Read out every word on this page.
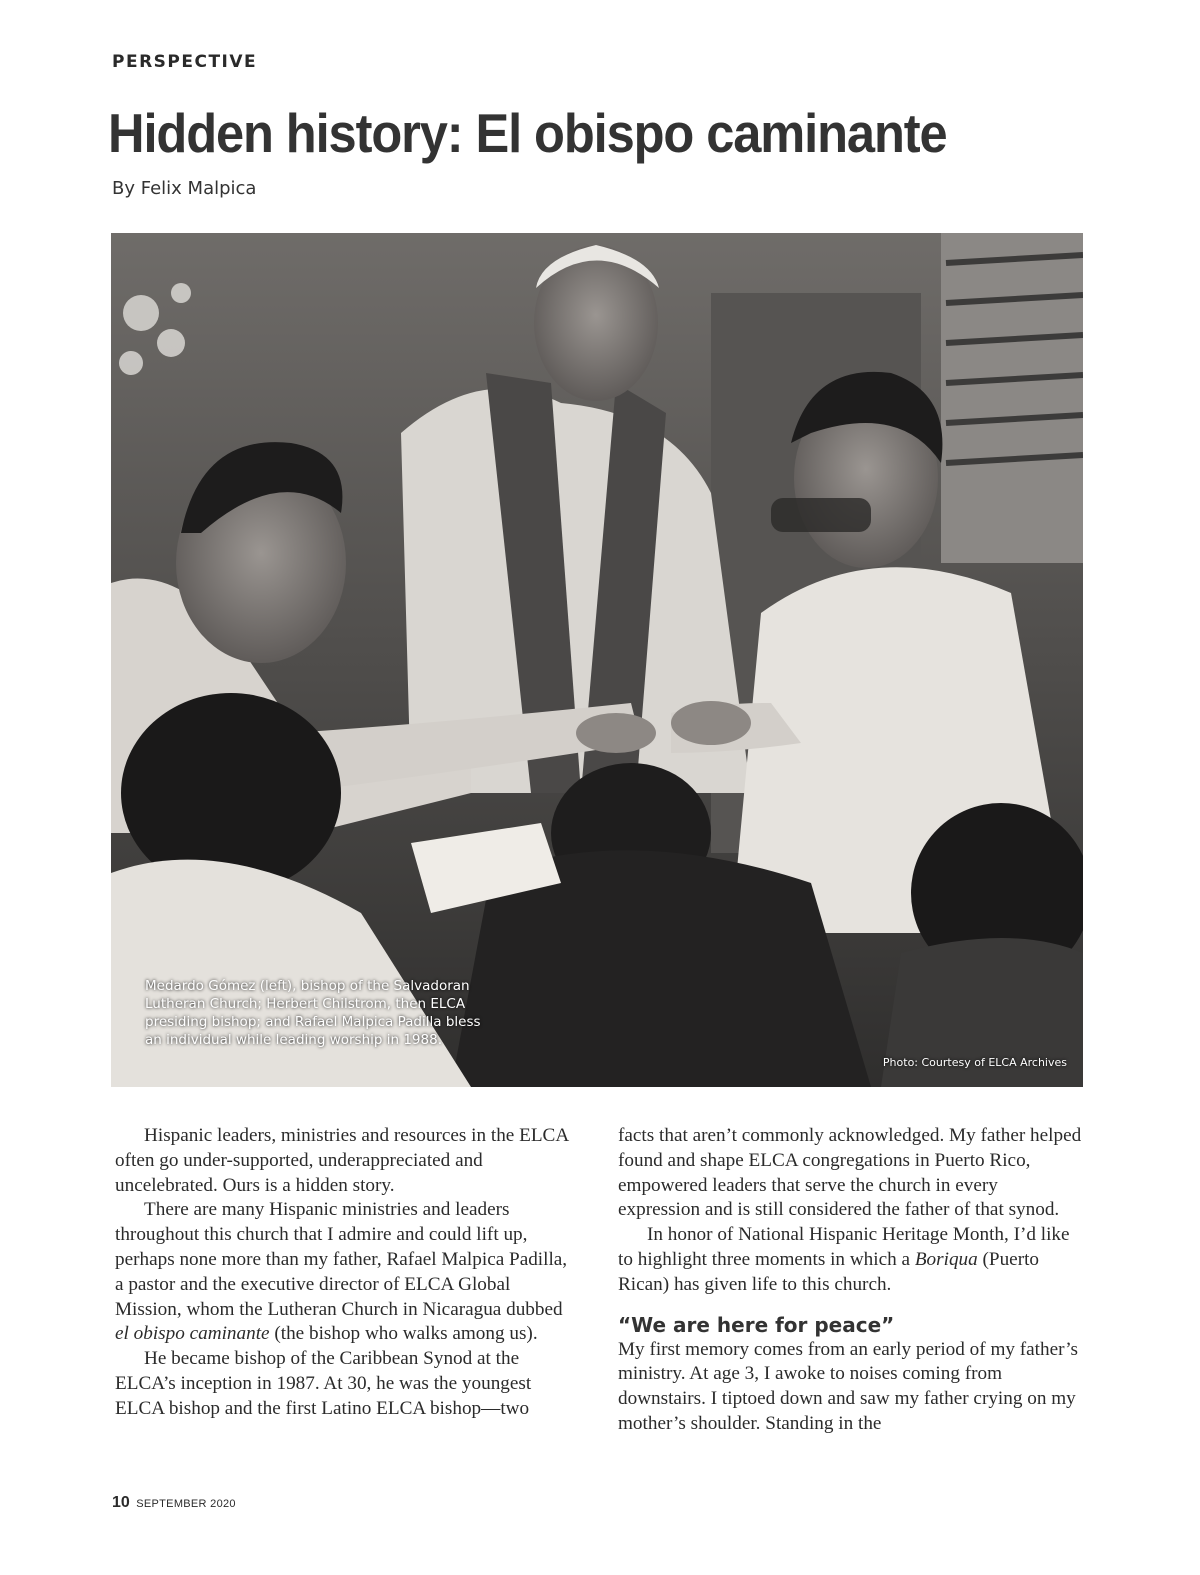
PERSPECTIVE
Hidden history: El obispo caminante
By Felix Malpica
Medardo Gómez (left), bishop of the Salvadoran Lutheran Church; Herbert Chilstrom, then ELCA presiding bishop; and Rafael Malpica Padilla bless an individual while leading worship in 1988.
Photo: Courtesy of ELCA Archives

Hispanic leaders, ministries and resources in the ELCA often go under-supported, underappreciated and uncelebrated. Ours is a hidden story.

There are many Hispanic ministries and leaders throughout this church that I admire and could lift up, perhaps none more than my father, Rafael Malpica Padilla, a pastor and the executive director of ELCA Global Mission, whom the Lutheran Church in Nicaragua dubbed el obispo caminante (the bishop who walks among us).

He became bishop of the Caribbean Synod at the ELCA’s inception in 1987. At 30, he was the youngest ELCA bishop and the first Latino ELCA bishop—two

facts that aren’t commonly acknowledged. My father helped found and shape ELCA congregations in Puerto Rico, empowered leaders that serve the church in every expression and is still considered the father of that synod.

In honor of National Hispanic Heritage Month, I’d like to highlight three moments in which a Boriqua (Puerto Rican) has given life to this church.

“We are here for peace”

My first memory comes from an early period of my father’s ministry. At age 3, I awoke to noises coming from downstairs. I tiptoed down and saw my father crying on my mother’s shoulder. Standing in the

10 SEPTEMBER 2020
